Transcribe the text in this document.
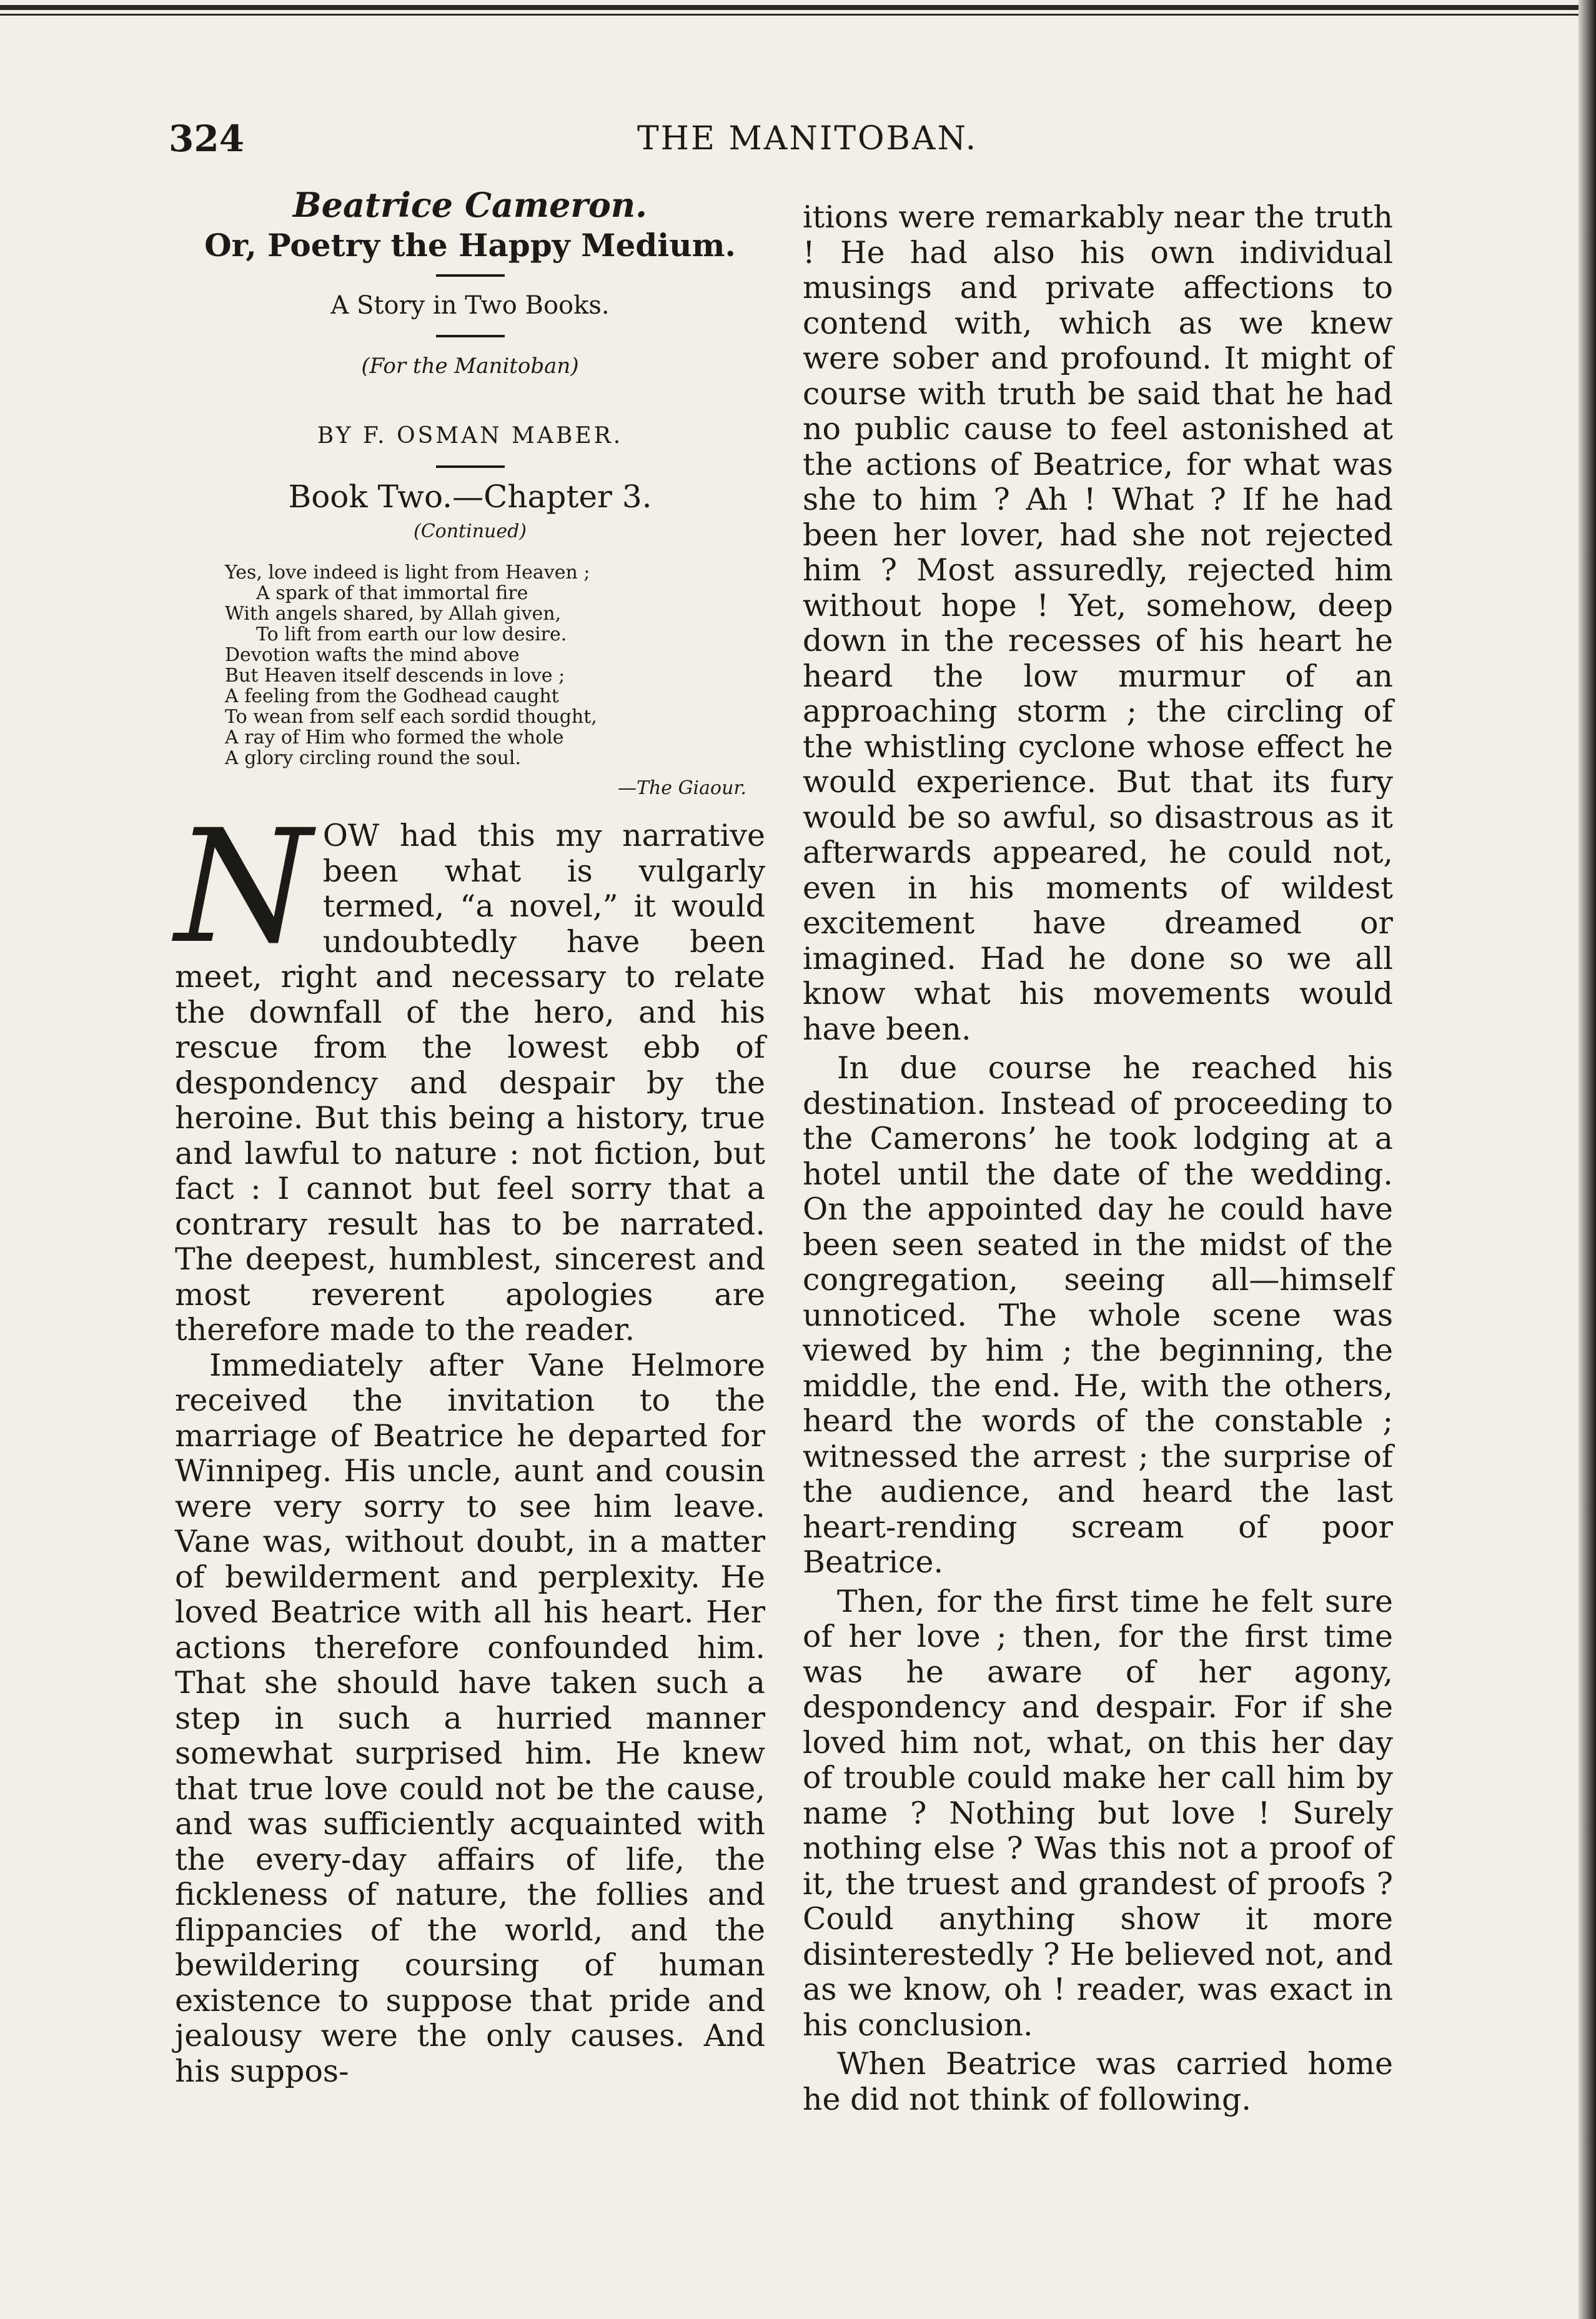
324	THE MANITOBAN.

Beatrice Cameron.

Or, Poetry the Happy Medium.

A Story in Two Books.

(For the Manitoban)

BY F. OSMAN MABER.

Book Two.—Chapter 3.

(Continued)

Yes, love indeed is light from Heaven ;
A spark of that immortal fire
With angels shared, by Allah given,
To lift from earth our low desire.
Devotion wafts the mind above
But Heaven itself descends in love ;
A feeling from the Godhead caught
To wean from self each sordid thought,
A ray of Him who formed the whole
A glory circling round the soul.
—The Giaour.
N OW had this my narrative been what is vulgarly termed, “a novel,” it would undoubtedly have been meet, right and necessary to relate the downfall of the hero, and his rescue from the lowest ebb of despondency and despair by the heroine. But this being a history, true and lawful to nature : not fiction, but fact : I cannot but feel sorry that a contrary result has to be narrated. The deepest, humblest, sincerest and most reverent apologies are therefore made to the reader.

Immediately after Vane Helmore received the invitation to the marriage of Beatrice he departed for Winnipeg. His uncle, aunt and cousin were very sorry to see him leave. Vane was, without doubt, in a matter of bewilderment and perplexity. He loved Beatrice with all his heart. Her actions therefore confounded him. That she should have taken such a step in such a hurried manner somewhat surprised him. He knew that true love could not be the cause, and was sufficiently acquainted with the every-day affairs of life, the fickleness of nature, the follies and flippancies of the world, and the bewildering coursing of human existence to suppose that pride and jealousy were the only causes. And his suppos-

itions were remarkably near the truth ! He had also his own individual musings and private affections to contend with, which as we knew were sober and profound. It might of course with truth be said that he had no public cause to feel astonished at the actions of Beatrice, for what was she to him ? Ah ! What ? If he had been her lover, had she not rejected him ? Most assuredly, rejected him without hope ! Yet, somehow, deep down in the recesses of his heart he heard the low murmur of an approaching storm ; the circling of the whistling cyclone whose effect he would experience. But that its fury would be so awful, so disastrous as it afterwards appeared, he could not, even in his moments of wildest excitement have dreamed or imagined. Had he done so we all know what his movements would have been.

In due course he reached his destination. Instead of proceeding to the Camerons’ he took lodging at a hotel until the date of the wedding. On the appointed day he could have been seen seated in the midst of the congregation, seeing all—himself unnoticed. The whole scene was viewed by him ; the beginning, the middle, the end. He, with the others, heard the words of the constable ; witnessed the arrest ; the surprise of the audience, and heard the last heart-rending scream of poor Beatrice.

Then, for the first time he felt sure of her love ; then, for the first time was he aware of her agony, despondency and despair. For if she loved him not, what, on this her day of trouble could make her call him by name ? Nothing but love ! Surely nothing else ? Was this not a proof of it, the truest and grandest of proofs ? Could anything show it more disinterestedly ? He believed not, and as we know, oh ! reader, was exact in his conclusion.

When Beatrice was carried home he did not think of following.
